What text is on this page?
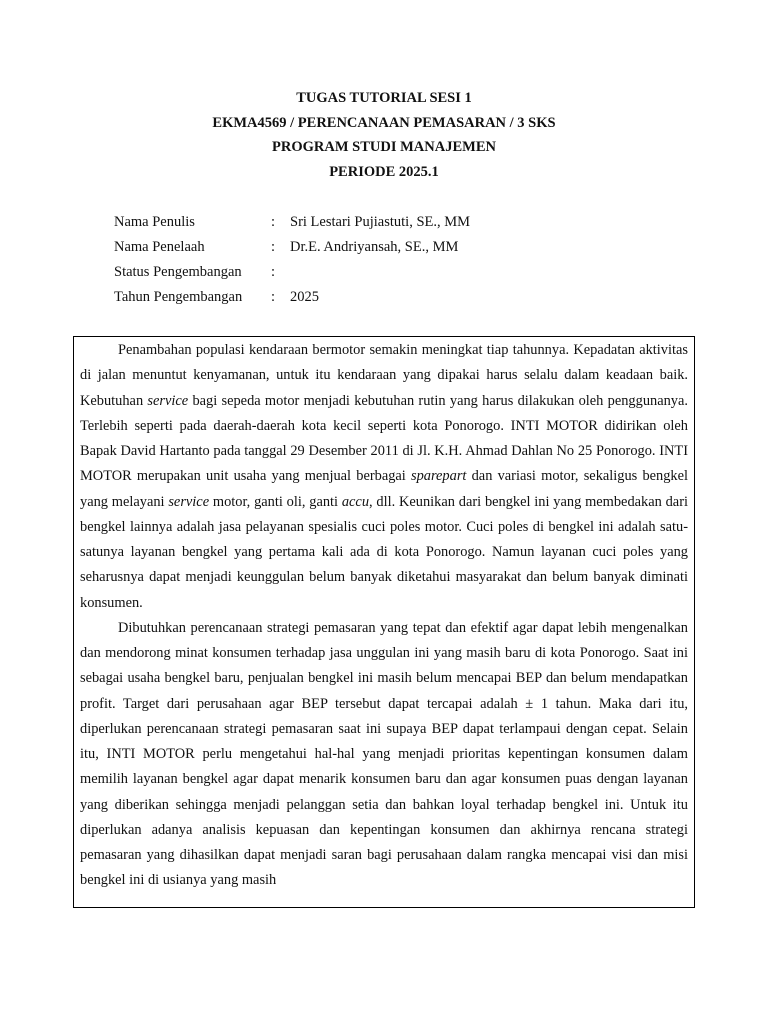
TUGAS TUTORIAL SESI 1
EKMA4569 / PERENCANAAN PEMASARAN / 3 SKS
PROGRAM STUDI MANAJEMEN
PERIODE 2025.1
Nama Penulis	:	Sri Lestari Pujiastuti, SE., MM
Nama Penelaah	:	Dr.E. Andriyansah, SE., MM
Status Pengembangan	:
Tahun Pengembangan	:	2025

Penambahan populasi kendaraan bermotor semakin meningkat tiap tahunnya. Kepadatan aktivitas di jalan menuntut kenyamanan, untuk itu kendaraan yang dipakai harus selalu dalam keadaan baik. Kebutuhan service bagi sepeda motor menjadi kebutuhan rutin yang harus dilakukan oleh penggunanya. Terlebih seperti pada daerah-daerah kota kecil seperti kota Ponorogo. INTI MOTOR didirikan oleh Bapak David Hartanto pada tanggal 29 Desember 2011 di Jl. K.H. Ahmad Dahlan No 25 Ponorogo. INTI MOTOR merupakan unit usaha yang menjual berbagai sparepart dan variasi motor, sekaligus bengkel yang melayani service motor, ganti oli, ganti accu, dll. Keunikan dari bengkel ini yang membedakan dari bengkel lainnya adalah jasa pelayanan spesialis cuci poles motor. Cuci poles di bengkel ini adalah satu-satunya layanan bengkel yang pertama kali ada di kota Ponorogo. Namun layanan cuci poles yang seharusnya dapat menjadi keunggulan belum banyak diketahui masyarakat dan belum banyak diminati konsumen.

Dibutuhkan perencanaan strategi pemasaran yang tepat dan efektif agar dapat lebih mengenalkan dan mendorong minat konsumen terhadap jasa unggulan ini yang masih baru di kota Ponorogo. Saat ini sebagai usaha bengkel baru, penjualan bengkel ini masih belum mencapai BEP dan belum mendapatkan profit. Target dari perusahaan agar BEP tersebut dapat tercapai adalah ± 1 tahun. Maka dari itu, diperlukan perencanaan strategi pemasaran saat ini supaya BEP dapat terlampaui dengan cepat. Selain itu, INTI MOTOR perlu mengetahui hal-hal yang menjadi prioritas kepentingan konsumen dalam memilih layanan bengkel agar dapat menarik konsumen baru dan agar konsumen puas dengan layanan yang diberikan sehingga menjadi pelanggan setia dan bahkan loyal terhadap bengkel ini. Untuk itu diperlukan adanya analisis kepuasan dan kepentingan konsumen dan akhirnya rencana strategi pemasaran yang dihasilkan dapat menjadi saran bagi perusahaan dalam rangka mencapai visi dan misi bengkel ini di usianya yang masih
